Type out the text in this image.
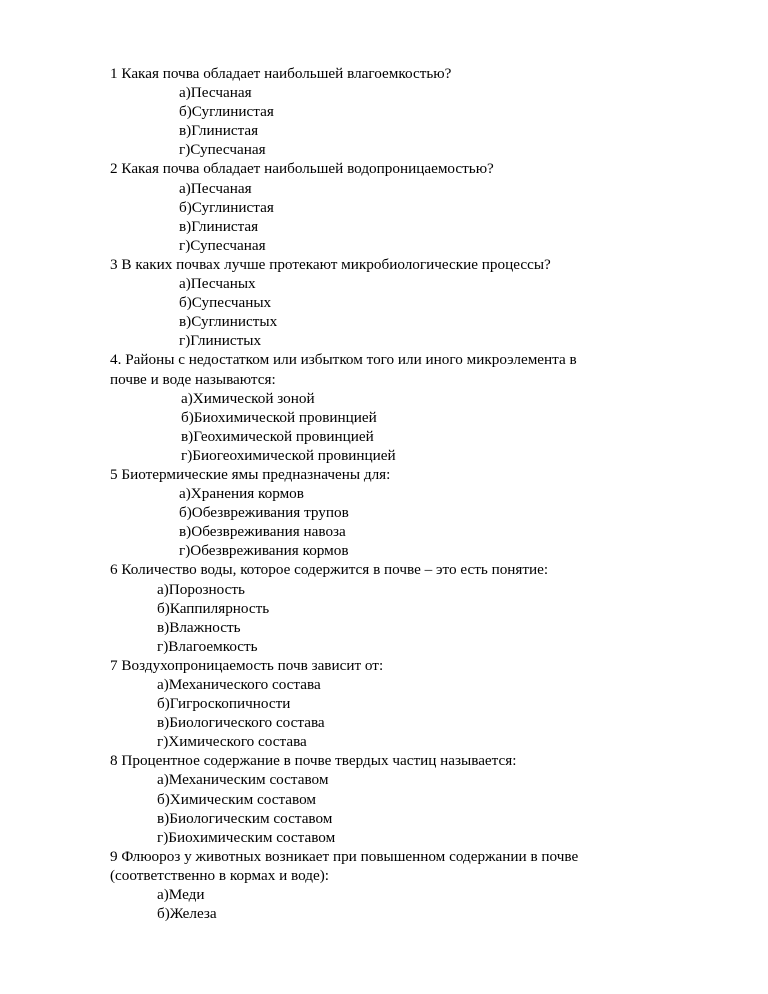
1 Какая почва обладает наибольшей влагоемкостью?

а)Песчаная

б)Суглинистая

в)Глинистая

г)Супесчаная

2 Какая почва обладает наибольшей водопроницаемостью?

а)Песчаная

б)Суглинистая

в)Глинистая

г)Супесчаная

3 В каких почвах лучше протекают микробиологические процессы?

а)Песчаных

б)Супесчаных

в)Суглинистых

г)Глинистых

4. Районы с недостатком или избытком того или иного микроэлемента в

почве и воде называются:

а)Химической зоной

б)Биохимической провинцией

в)Геохимической провинцией

г)Биогеохимической провинцией

5 Биотермические ямы предназначены для:

а)Хранения кормов

б)Обезвреживания трупов

в)Обезвреживания навоза

г)Обезвреживания кормов

6 Количество воды, которое содержится в почве – это есть понятие:

а)Порозность

б)Каппилярность

в)Влажность

г)Влагоемкость

7 Воздухопроницаемость почв зависит от:

а)Механического состава

б)Гигроскопичности

в)Биологического состава

г)Химического состава

8 Процентное содержание в почве твердых частиц называется:

а)Механическим составом

б)Химическим составом

в)Биологическим составом

г)Биохимическим составом

9 Флюороз у животных возникает при повышенном содержании в почве

(соответственно в кормах и воде):

а)Меди

б)Железа
